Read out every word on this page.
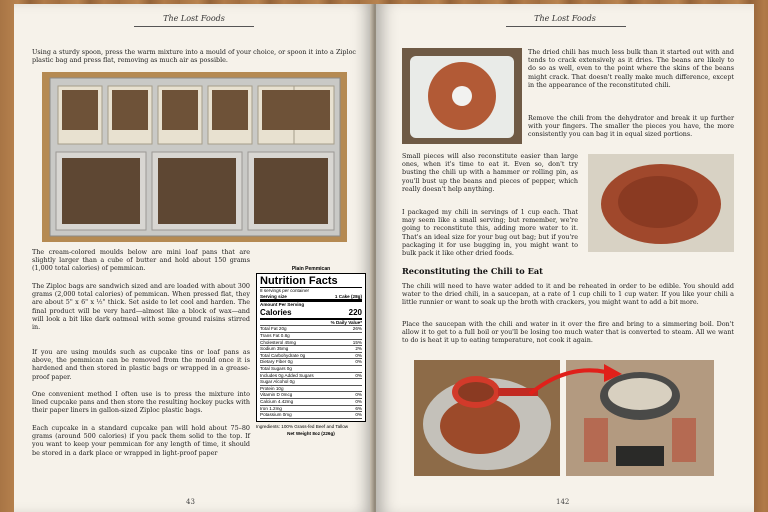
The Lost Foods

Using a sturdy spoon, press the warm mixture into a mould of your choice, or spoon it into a Ziploc plastic bag and press flat, removing as much air as possible.

The cream-colored moulds below are mini loaf pans that are slightly larger than a cube of butter and hold about 150 grams (1,000 total calories) of pemmican.

The Ziploc bags are sandwich sized and are loaded with about 300 grams (2,000 total calories) of pemmican. When pressed flat, they are about 5" x 6" x ½" thick. Set aside to let cool and harden. The final product will be very hard—almost like a block of wax—and will look a bit like dark oatmeal with some ground raisins stirred in.

If you are using moulds such as cupcake tins or loaf pans as above, the pemmican can be removed from the mould once it is hardened and then stored in plastic bags or wrapped in a grease-proof paper.

One convenient method I often use is to press the mixture into lined cupcake pans and then store the resulting hockey pucks with their paper liners in gallon-sized Ziploc plastic bags.

Each cupcake in a standard cupcake pan will hold about 75–80 grams (around 500 calories) if you pack them solid to the top. If you want to keep your pemmican for any length of time, it should be stored in a dark place or wrapped in light-proof paper

Plain Pemmican
Nutrition Facts
8 servings per container
Serving size	1 Cake (28g)
Amount Per Serving
Calories	220
% Daily Value*
Total Fat 20g	26%
Trans Fat 0.8g
Cholesterol 45mg	15%
Sodium 35mg	2%
Total Carbohydrate 0g	0%
Dietary Fiber 0g	0%
Total Sugars 0g
Includes 0g Added Sugars	0%
Sugar Alcohol 0g
Protein 10g
Vitamin D 0mcg	0%
Calcium 4.42mg	0%
Iron 1.2mg	6%
Potassium 0mg	0%
Ingredients: 100% Grass-fed Beef and Tallow
Net Weight 8oz (226g)
43
The Lost Foods

The dried chili has much less bulk than it started out with and tends to crack extensively as it dries. The beans are likely to do so as well, even to the point where the skins of the beans might crack. That doesn't really make much difference, except in the appearance of the reconstituted chili.

Remove the chili from the dehydrator and break it up further with your fingers. The smaller the pieces you have, the more consistently you can bag it in equal sized portions.

Small pieces will also reconstitute easier than large ones, when it's time to eat it. Even so, don't try busting the chili up with a hammer or rolling pin, as you'll bust up the beans and pieces of pepper, which really doesn't help anything.

I packaged my chili in servings of 1 cup each. That may seem like a small serving; but remember, we're going to reconstitute this, adding more water to it. That's an ideal size for your bug out bag; but if you're packaging it for use bugging in, you might want to bulk pack it like other dried foods.

Reconstituting the Chili to Eat

The chili will need to have water added to it and be reheated in order to be edible. You should add water to the dried chili, in a saucepan, at a rate of 1 cup chili to 1 cup water. If you like your chili a little runnier or want to soak up the broth with crackers, you might want to add a bit more.

Place the saucepan with the chili and water in it over the fire and bring to a simmering boil. Don't allow it to get to a full boil or you'll be losing too much water that is converted to steam. All we want to do is heat it up to eating temperature, not cook it again.

142
